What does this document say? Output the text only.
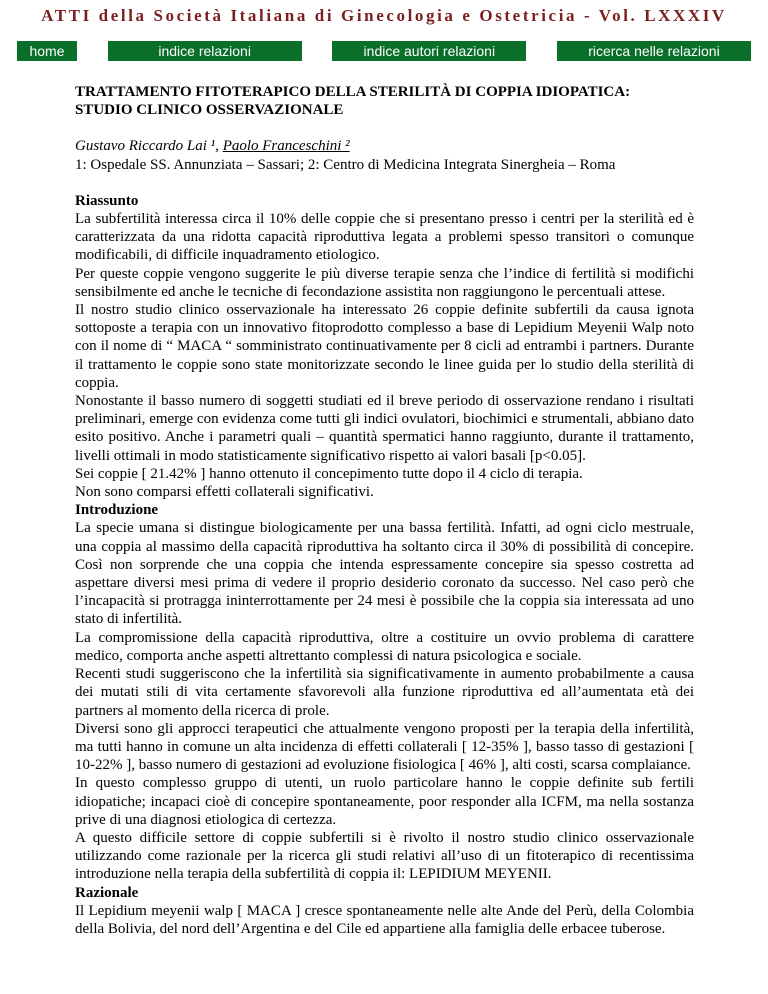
ATTI della Società Italiana di Ginecologia e Ostetricia - Vol. LXXXIV
home	indice relazioni	indice autori relazioni	ricerca nelle relazioni

TRATTAMENTO FITOTERAPICO DELLA STERILITÀ DI COPPIA IDIOPATICA:
STUDIO CLINICO OSSERVAZIONALE

Gustavo Riccardo Lai ¹, Paolo Franceschini ²

1: Ospedale SS. Annunziata – Sassari; 2: Centro di Medicina Integrata Sinergheia – Roma

Riassunto

La subfertilità interessa circa il 10% delle coppie che si presentano presso i centri per la sterilità ed è caratterizzata da una ridotta capacità riproduttiva legata a problemi spesso transitori o comunque modificabili, di difficile inquadramento etiologico.

Per queste coppie vengono suggerite le più diverse terapie senza che l’indice di fertilità si modifichi sensibilmente ed anche le tecniche di fecondazione assistita non raggiungono le percentuali attese.

Il nostro studio clinico osservazionale ha interessato 26 coppie definite subfertili da causa ignota sottoposte a terapia con un innovativo fitoprodotto complesso a base di Lepidium Meyenii Walp noto con il nome di “ MACA “ somministrato continuativamente per 8 cicli ad entrambi i partners. Durante il trattamento le coppie sono state monitorizzate secondo le linee guida per lo studio della sterilità di coppia.

Nonostante il basso numero di soggetti studiati ed il breve periodo di osservazione rendano i risultati preliminari, emerge con evidenza come tutti gli indici ovulatori, biochimici e strumentali, abbiano dato esito positivo. Anche i parametri quali – quantità spermatici hanno raggiunto, durante il trattamento, livelli ottimali in modo statisticamente significativo rispetto ai valori basali [p<0.05].

Sei coppie [ 21.42% ] hanno ottenuto il concepimento tutte dopo il 4 ciclo di terapia.

Non sono comparsi effetti collaterali significativi.

Introduzione

La specie umana si distingue biologicamente per una bassa fertilità. Infatti, ad ogni ciclo mestruale, una coppia al massimo della capacità riproduttiva ha soltanto circa il 30% di possibilità di concepire. Così non sorprende che una coppia che intenda espressamente concepire sia spesso costretta ad aspettare diversi mesi prima di vedere il proprio desiderio coronato da successo. Nel caso però che l’incapacità si protragga ininterrottamente per 24 mesi è possibile che la coppia sia interessata ad uno stato di infertilità.

La compromissione della capacità riproduttiva, oltre a costituire un ovvio problema di carattere medico, comporta anche aspetti altrettanto complessi di natura psicologica e sociale.

Recenti studi suggeriscono che la infertilità sia significativamente in aumento probabilmente a causa dei mutati stili di vita certamente sfavorevoli alla funzione riproduttiva ed all’aumentata età dei partners al momento della ricerca di prole.

Diversi sono gli approcci terapeutici che attualmente vengono proposti per la terapia della infertilità, ma tutti hanno in comune un alta incidenza di effetti collaterali [ 12-35% ], basso tasso di gestazioni [ 10-22% ], basso numero di gestazioni ad evoluzione fisiologica [ 46% ], alti costi, scarsa complaiance.

In questo complesso gruppo di utenti, un ruolo particolare hanno le coppie definite sub fertili idiopatiche; incapaci cioè di concepire spontaneamente, poor responder alla ICFM, ma nella sostanza prive di una diagnosi etiologica di certezza.

A questo difficile settore di coppie subfertili si è rivolto il nostro studio clinico osservazionale utilizzando come razionale per la ricerca gli studi relativi all’uso di un fitoterapico di recentissima introduzione nella terapia della subfertilità di coppia il: LEPIDIUM MEYENII.

Razionale

Il Lepidium meyenii walp [ MACA ] cresce spontaneamente nelle alte Ande del Perù, della Colombia della Bolivia, del nord dell’Argentina e del Cile ed appartiene alla famiglia delle erbacee tuberose.
